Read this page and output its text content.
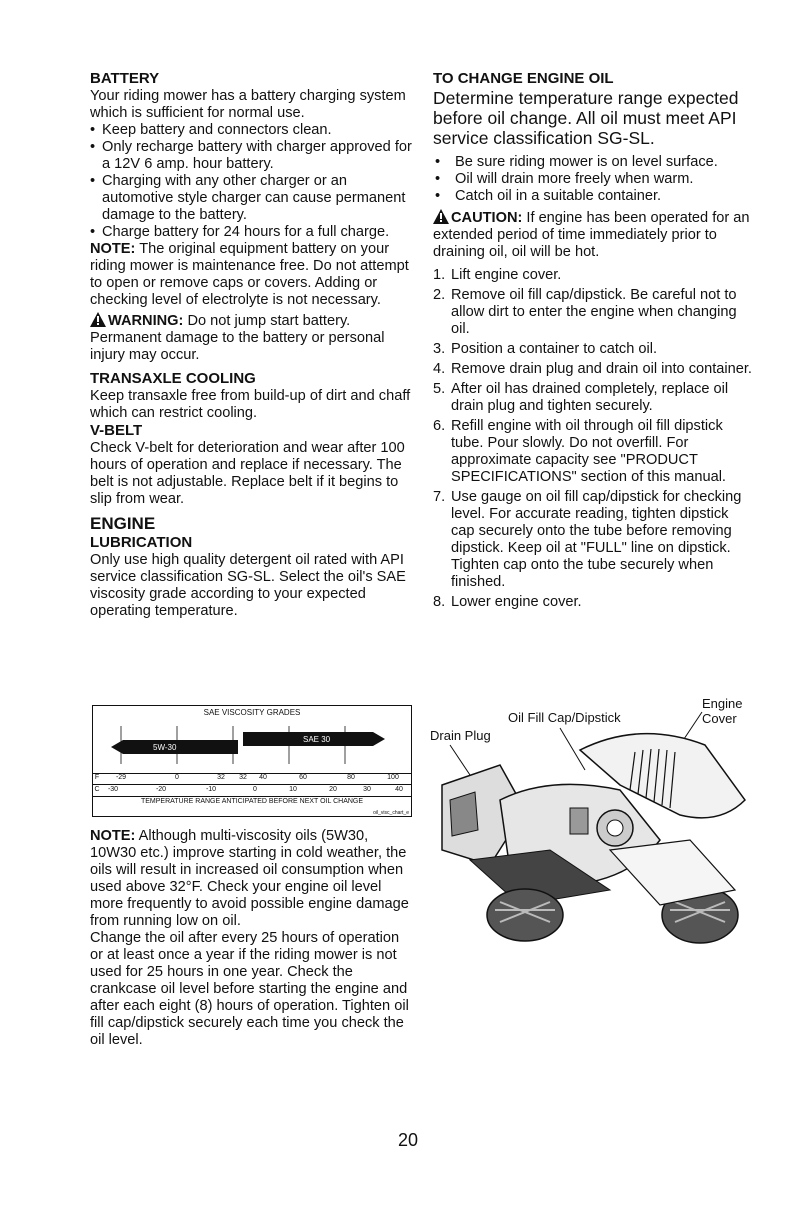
BATTERY

Your riding mower has a battery charging system which is sufficient for normal use.

• Keep battery and connectors clean.

• Only recharge battery with charger approved for a 12V 6 amp. hour battery.

• Charging with any other charger or an automotive style charger can cause permanent damage to the battery.

• Charge battery for 24 hours for a full charge.

NOTE: The original equipment battery on your riding mower is maintenance free. Do not attempt to open or remove caps or covers. Adding or checking level of electrolyte is not necessary.

WARNING: Do not jump start battery. Permanent damage to the battery or personal injury may occur.

TRANSAXLE COOLING

Keep transaxle free from build-up of dirt and chaff which can restrict cooling.

V-BELT

Check V-belt for deterioration and wear after 100 hours of operation and replace if necessary. The belt is not adjustable. Replace belt if it begins to slip from wear.

ENGINE
LUBRICATION

Only use high quality detergent oil rated with API service classification SG-SL. Select the oil's SAE viscosity grade according to your expected operating temperature.

SAE VISCOSITY GRADES
SAE 30
5W-30
F -29	0	32 32 40	60	80	100
C -30	-20	-10	0	10	20	30	40
TEMPERATURE RANGE ANTICIPATED BEFORE NEXT OIL CHANGE
oil_visc_chart_e

NOTE: Although multi-viscosity oils (5W30, 10W30 etc.) improve starting in cold weather, the oils will result in increased oil consumption when used above 32°F. Check your engine oil level more frequently to avoid possible engine damage from running low on oil.

Change the oil after every 25 hours of operation or at least once a year if the riding mower is not used for 25 hours in one year. Check the crankcase oil level before starting the engine and after each eight (8) hours of operation. Tighten oil fill cap/dipstick securely each time you check the oil level.

TO CHANGE ENGINE OIL

Determine temperature range expected before oil change. All oil must meet API service classification SG-SL.

• Be sure riding mower is on level surface.

• Oil will drain more freely when warm.

• Catch oil in a suitable container.

CAUTION: If engine has been operated for an extended period of time immediately prior to draining oil, oil will be hot.

1. Lift engine cover.
2. Remove oil fill cap/dipstick. Be careful not to allow dirt to enter the engine when changing oil.
3. Position a container to catch oil.
4. Remove drain plug and drain oil into container.
5. After oil has drained completely, replace oil drain plug and tighten securely.
6. Refill engine with oil through oil fill dipstick tube. Pour slowly. Do not overfill. For approximate capacity see "PRODUCT SPECIFICATIONS" section of this manual.
7. Use gauge on oil fill cap/dipstick for checking level. For accurate reading, tighten dipstick cap securely onto the tube before removing dipstick. Keep oil at "FULL" line on dipstick. Tighten cap onto the tube securely when finished.
8. Lower engine cover.
Engine Cover
Oil Fill Cap/Dipstick
Drain Plug
20
